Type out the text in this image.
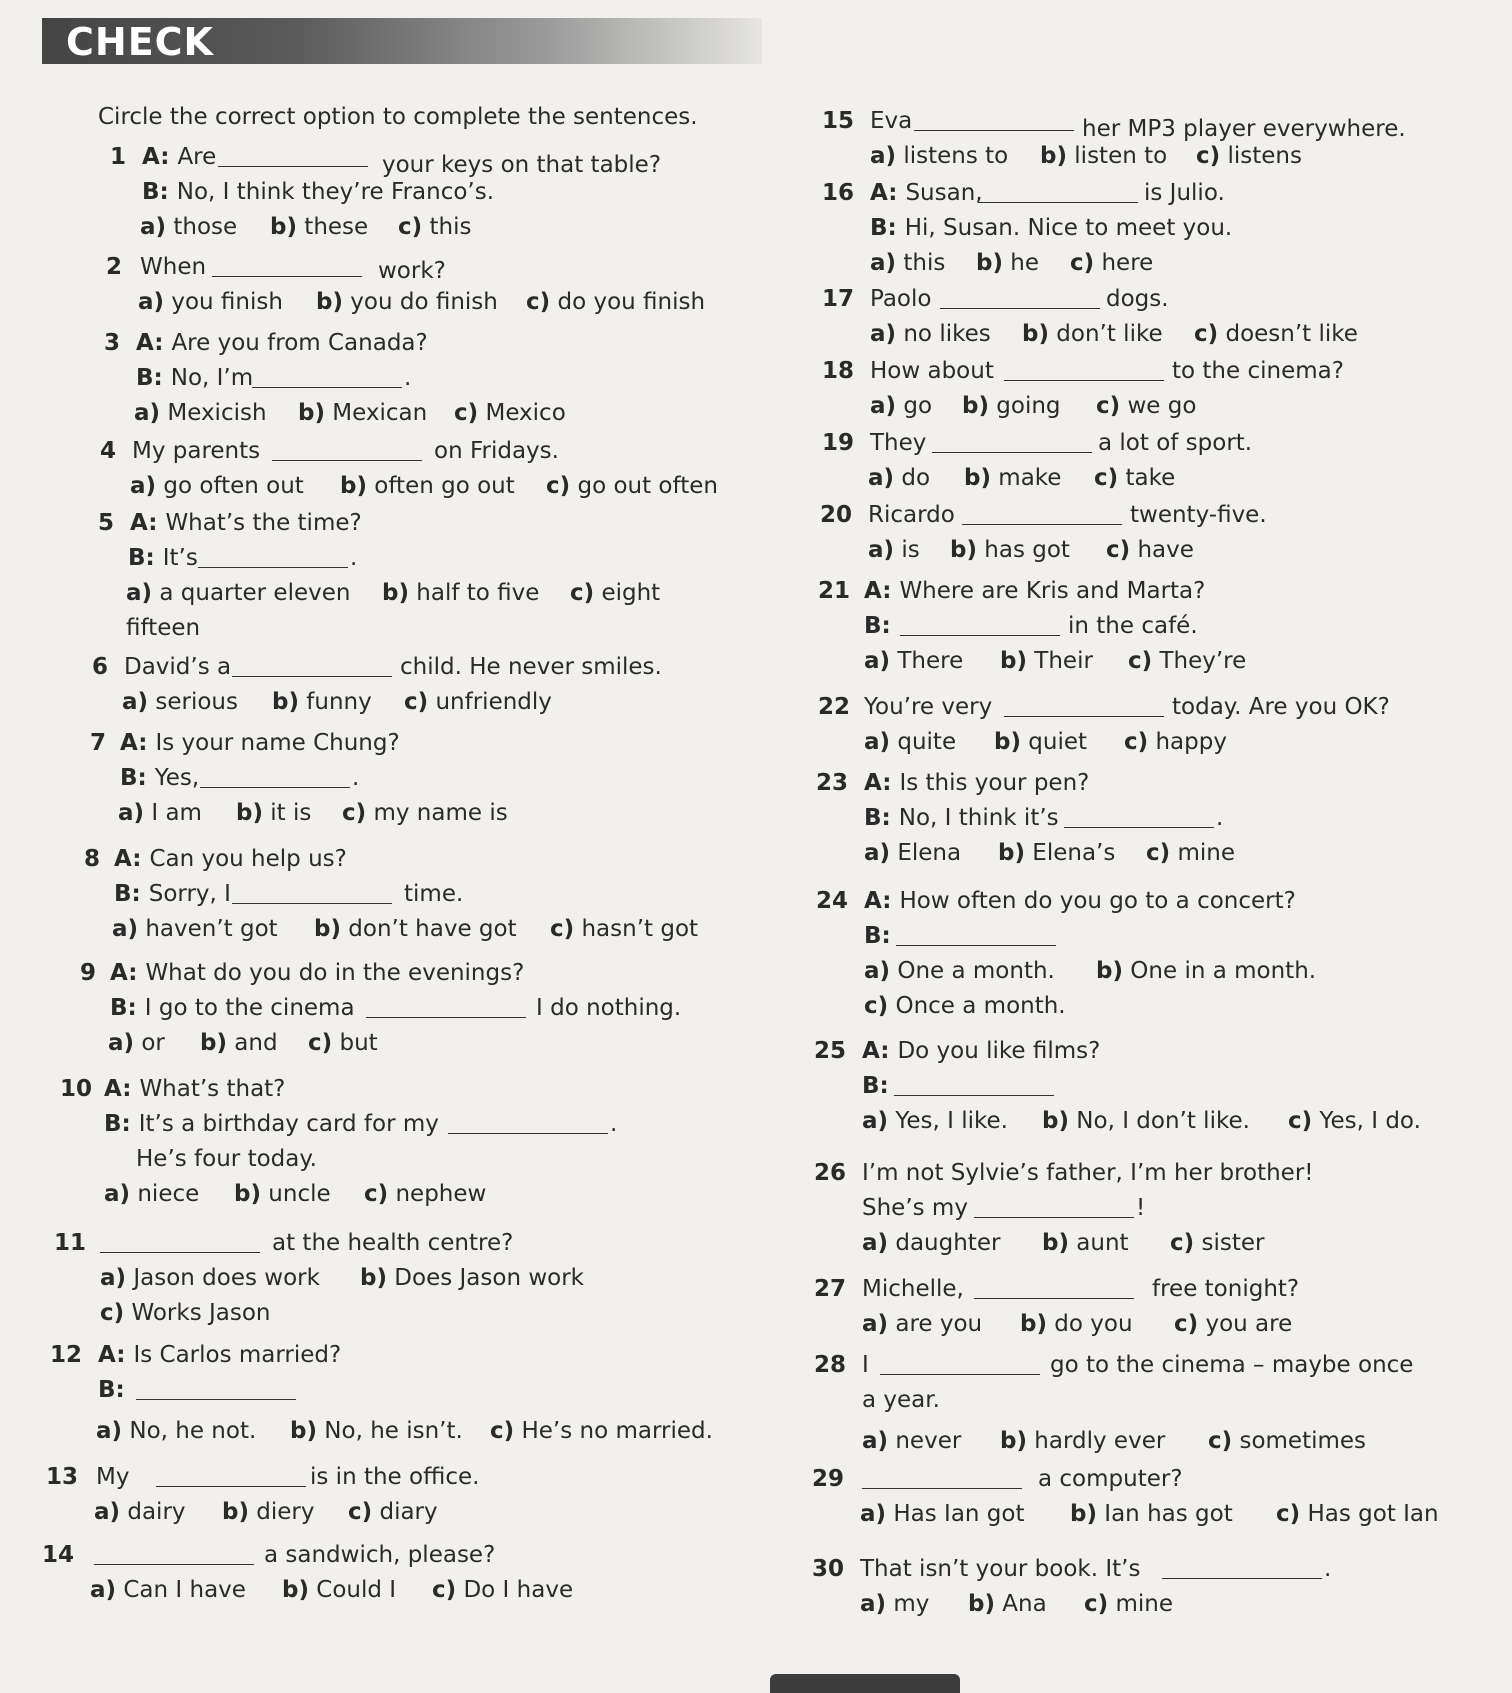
CHECK
Circle the correct option to complete the sentences.
1 A: Are	your keys on that table?
B: No, I think they’re Franco’s.
a) those b) these c) this
2 When	work?
a) you finish b) you do finish c) do you finish
3 A: Are you from Canada?
B: No, I’m	.
a) Mexicish b) Mexican c) Mexico
4 My parents	on Fridays.
a) go often out b) often go out c) go out often
5 A: What’s the time?
B: It’s	.
a) a quarter eleven b) half to five c) eight
fifteen
6 David’s a	child. He never smiles.
a) serious b) funny c) unfriendly
7 A: Is your name Chung?
B: Yes,	.
a) I am b) it is c) my name is
8 A: Can you help us?
B: Sorry, I	time.
a) haven’t got b) don’t have got c) hasn’t got
9 A: What do you do in the evenings?
B: I go to the cinema	I do nothing.
a) or b) and c) but
10 A: What’s that?
B: It’s a birthday card for my	.
He’s four today.
a) niece b) uncle c) nephew
11	at the health centre?
a) Jason does work b) Does Jason work
c) Works Jason
12 A: Is Carlos married?
B:
a) No, he not. b) No, he isn’t. c) He’s no married.
13 My	is in the office.
a) dairy b) diery c) diary
14	a sandwich, please?
a) Can I have b) Could I c) Do I have
15 Eva	her MP3 player everywhere.
a) listens to b) listen to c) listens
16 A: Susan,	is Julio.
B: Hi, Susan. Nice to meet you.
a) this b) he c) here
17 Paolo	dogs.
a) no likes b) don’t like c) doesn’t like
18 How about	to the cinema?
a) go b) going c) we go
19 They	a lot of sport.
a) do b) make c) take
20 Ricardo	twenty-five.
a) is b) has got c) have
21 A: Where are Kris and Marta?
B:	in the café.
a) There b) Their c) They’re
22 You’re very	today. Are you OK?
a) quite b) quiet c) happy
23 A: Is this your pen?
B: No, I think it’s	.
a) Elena b) Elena’s c) mine
24 A: How often do you go to a concert?
B:
a) One a month. b) One in a month.
c) Once a month.
25 A: Do you like films?
B:
a) Yes, I like. b) No, I don’t like. c) Yes, I do.
26 I’m not Sylvie’s father, I’m her brother!
She’s my	!
a) daughter b) aunt c) sister
27 Michelle,	free tonight?
a) are you b) do you c) you are
28 I	go to the cinema – maybe once
a year.
a) never b) hardly ever c) sometimes
29	a computer?
a) Has Ian got b) Ian has got c) Has got Ian
30 That isn’t your book. It’s	.
a) my b) Ana c) mine
